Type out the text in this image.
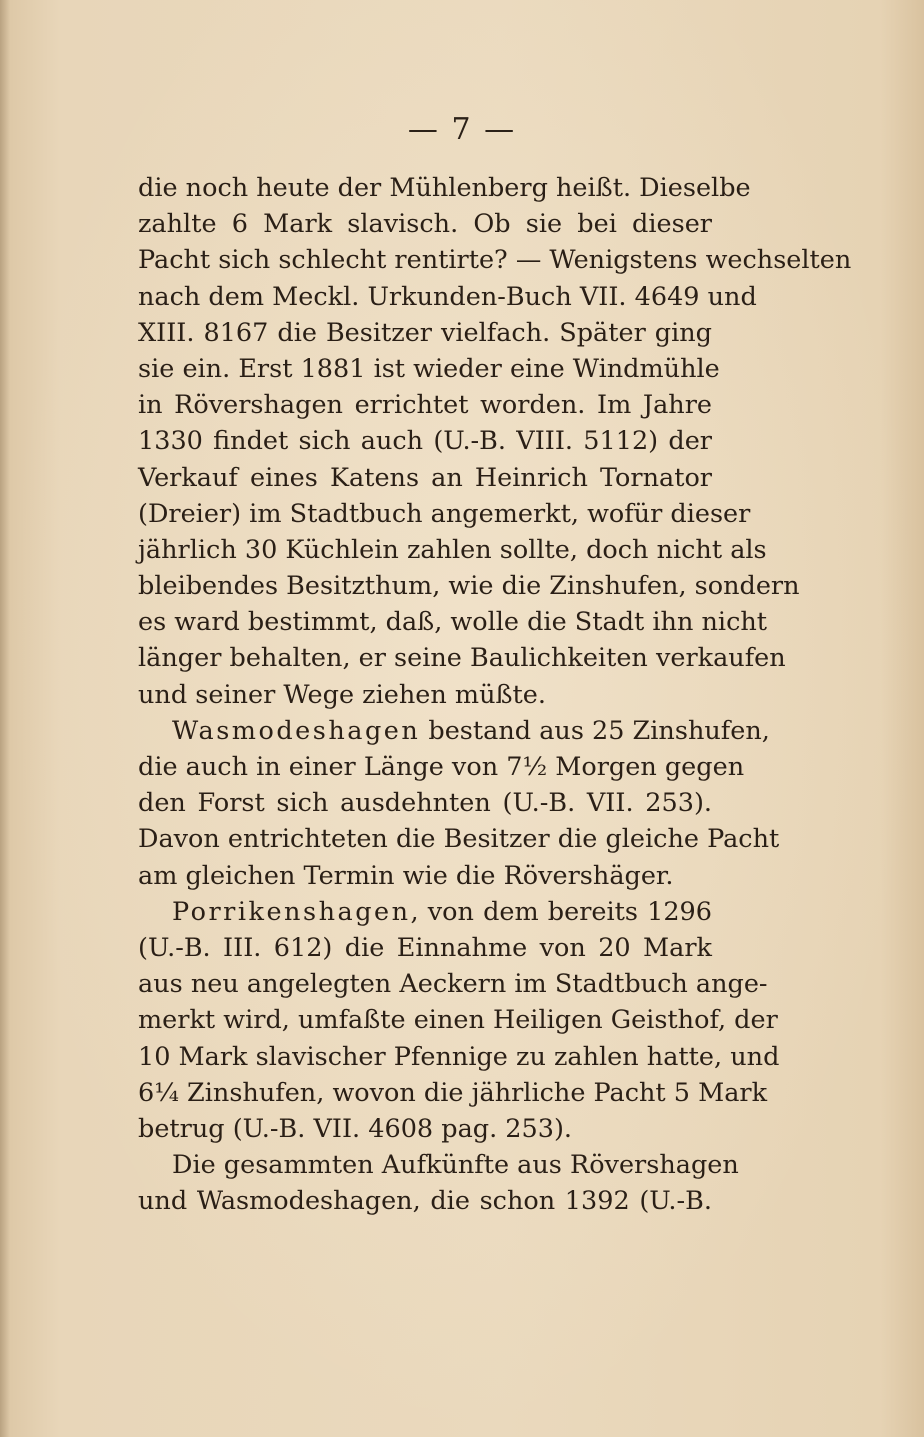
— 7 —
die noch heute der Mühlenberg heißt. Dieselbe
zahlte 6 Mark slavisch. Ob sie bei dieser
Pacht sich schlecht rentirte? — Wenigstens wechselten
nach dem Meckl. Urkunden-Buch VII. 4649 und
XIII. 8167 die Besitzer vielfach. Später ging
sie ein. Erst 1881 ist wieder eine Windmühle
in Rövershagen errichtet worden. Im Jahre
1330 findet sich auch (U.-B. VIII. 5112) der
Verkauf eines Katens an Heinrich Tornator
(Dreier) im Stadtbuch angemerkt, wofür dieser
jährlich 30 Küchlein zahlen sollte, doch nicht als
bleibendes Besitzthum, wie die Zinshufen, sondern
es ward bestimmt, daß, wolle die Stadt ihn nicht
länger behalten, er seine Baulichkeiten verkaufen
und seiner Wege ziehen müßte.
Wasmodeshagen bestand aus 25 Zinshufen,
die auch in einer Länge von 7½ Morgen gegen
den Forst sich ausdehnten (U.-B. VII. 253).
Davon entrichteten die Besitzer die gleiche Pacht
am gleichen Termin wie die Rövershäger.
Porrikenshagen, von dem bereits 1296
(U.-B. III. 612) die Einnahme von 20 Mark
aus neu angelegten Aeckern im Stadtbuch ange-
merkt wird, umfaßte einen Heiligen Geisthof, der
10 Mark slavischer Pfennige zu zahlen hatte, und
6¼ Zinshufen, wovon die jährliche Pacht 5 Mark
betrug (U.-B. VII. 4608 pag. 253).
Die gesammten Aufkünfte aus Rövershagen
und Wasmodeshagen, die schon 1392 (U.-B.
